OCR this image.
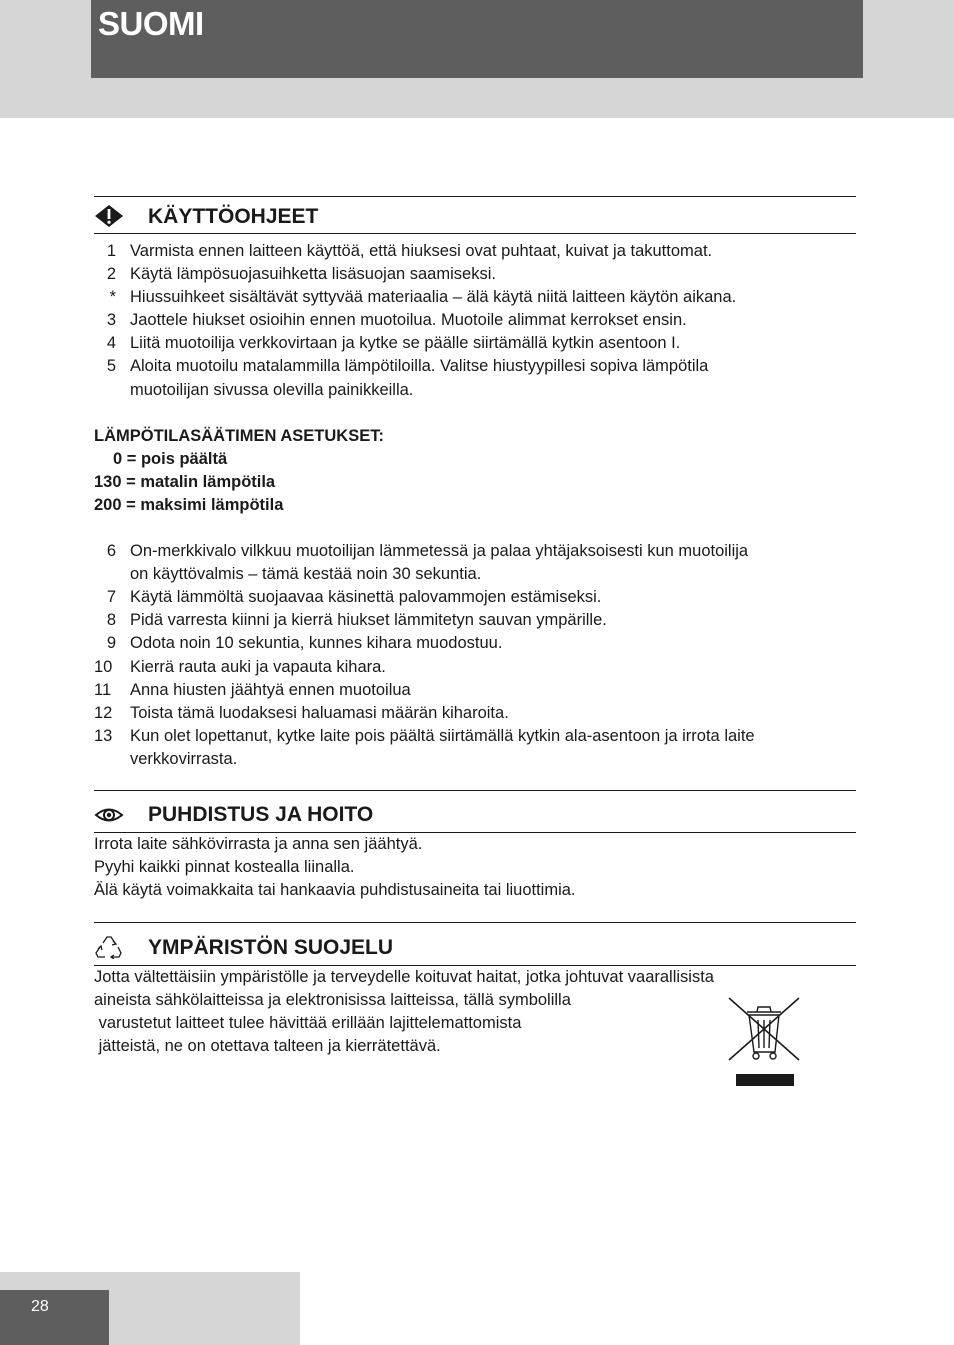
SUOMI
KÄYTTÖOHJEET
1 Varmista ennen laitteen käyttöä, että hiuksesi ovat puhtaat, kuivat ja takuttomat.
2 Käytä lämpösuojasuihketta lisäsuojan saamiseksi.
* Hiussuihkeet sisältävät syttyvää materiaalia – älä käytä niitä laitteen käytön aikana.
3 Jaottele hiukset osioihin ennen muotoilua. Muotoile alimmat kerrokset ensin.
4 Liitä muotoilija verkkovirtaan ja kytke se päälle siirtämällä kytkin asentoon I.
5 Aloita muotoilu matalammilla lämpötiloilla. Valitse hiustyypillesi sopiva lämpötila
muotoilijan sivussa olevilla painikkeilla.
LÄMPÖTILASÄÄTIMEN ASETUKSET:
0 = pois päältä
130 = matalin lämpötila
200 = maksimi lämpötila
6 On-merkkivalo vilkkuu muotoilijan lämmetessä ja palaa yhtäjaksoisesti kun muotoilija
on käyttövalmis – tämä kestää noin 30 sekuntia.
7 Käytä lämmöltä suojaavaa käsinettä palovammojen estämiseksi.
8 Pidä varresta kiinni ja kierrä hiukset lämmitetyn sauvan ympärille.
9 Odota noin 10 sekuntia, kunnes kihara muodostuu.
10 Kierrä rauta auki ja vapauta kihara.
11 Anna hiusten jäähtyä ennen muotoilua
12 Toista tämä luodaksesi haluamasi määrän kiharoita.
13 Kun olet lopettanut, kytke laite pois päältä siirtämällä kytkin ala-asentoon ja irrota laite
verkkovirrasta.
PUHDISTUS JA HOITO
Irrota laite sähkövirrasta ja anna sen jäähtyä.
Pyyhi kaikki pinnat kostealla liinalla.
Älä käytä voimakkaita tai hankaavia puhdistusaineita tai liuottimia.
YMPÄRISTÖN SUOJELU
Jotta vältettäisiin ympäristölle ja terveydelle koituvat haitat, jotka johtuvat vaarallisista
aineista sähkölaitteissa ja elektronisissa laitteissa, tällä symbolilla
varustetut laitteet tulee hävittää erillään lajittelemattomista
jätteistä, ne on otettava talteen ja kierrätettävä.
28
